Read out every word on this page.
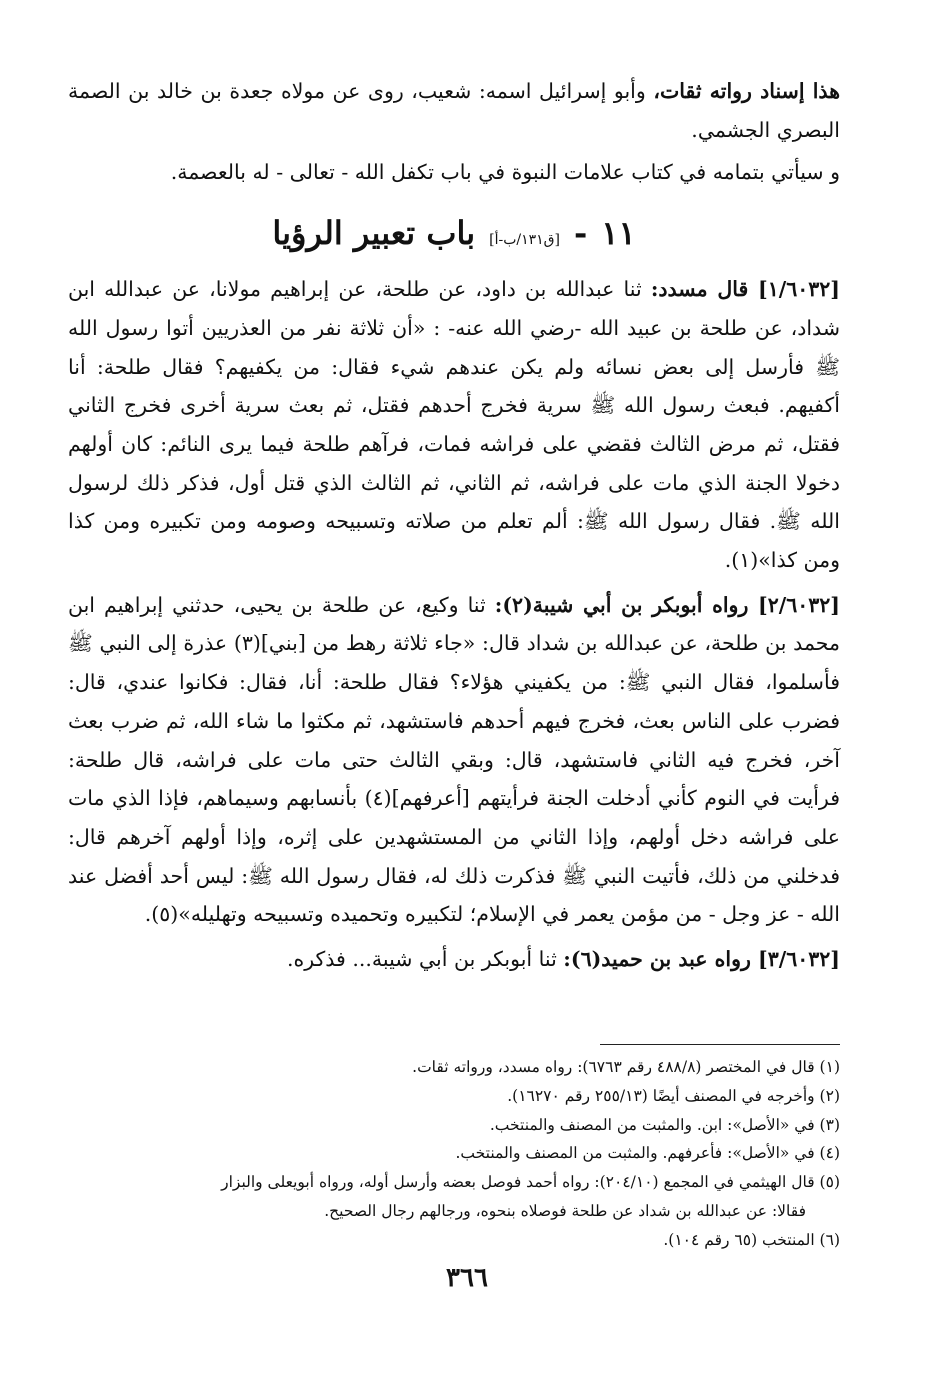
هذا إسناد رواته ثقات، وأبو إسرائيل اسمه: شعيب، روى عن مولاه جعدة بن خالد بن الصمة البصري الجشمي.

و سيأتي بتمامه في كتاب علامات النبوة في باب تكفل الله - تعالى - له بالعصمة.

١١-[ق١٣١/ب-أ]باب تعبير الرؤيا

[١/٦٠٣٢] قال مسدد: ثنا عبدالله بن داود، عن طلحة، عن إبراهيم مولانا، عن عبدالله ابن شداد، عن طلحة بن عبيد الله -رضي الله عنه- : «أن ثلاثة نفر من العذريين أتوا رسول الله ﷺ فأرسل إلى بعض نسائه ولم يكن عندهم شيء فقال: من يكفيهم؟ فقال طلحة: أنا أكفيهم. فبعث رسول الله ﷺ سرية فخرج أحدهم فقتل، ثم بعث سرية أخرى فخرج الثاني فقتل، ثم مرض الثالث فقضي على فراشه فمات، فرآهم طلحة فيما يرى النائم: كان أولهم دخولا الجنة الذي مات على فراشه، ثم الثاني، ثم الثالث الذي قتل أول، فذكر ذلك لرسول الله ﷺ. فقال رسول الله ﷺ: ألم تعلم من صلاته وتسبيحه وصومه ومن تكبيره ومن كذا ومن كذا»(١).

[٢/٦٠٣٢] رواه أبوبكر بن أبي شيبة(٢): ثنا وكيع، عن طلحة بن يحيى، حدثني إبراهيم ابن محمد بن طلحة، عن عبدالله بن شداد قال: «جاء ثلاثة رهط من [بني](٣) عذرة إلى النبي ﷺ فأسلموا، فقال النبي ﷺ: من يكفيني هؤلاء؟ فقال طلحة: أنا، فقال: فكانوا عندي، قال: فضرب على الناس بعث، فخرج فيهم أحدهم فاستشهد، ثم مكثوا ما شاء الله، ثم ضرب بعث آخر، فخرج فيه الثاني فاستشهد، قال: وبقي الثالث حتى مات على فراشه، قال طلحة: فرأيت في النوم كأني أدخلت الجنة فرأيتهم [أعرفهم](٤) بأنسابهم وسيماهم، فإذا الذي مات على فراشه دخل أولهم، وإذا الثاني من المستشهدين على إثره، وإذا أولهم آخرهم قال: فدخلني من ذلك، فأتيت النبي ﷺ فذكرت ذلك له، فقال رسول الله ﷺ: ليس أحد أفضل عند الله - عز وجل - من مؤمن يعمر في الإسلام؛ لتكبيره وتحميده وتسبيحه وتهليله»(٥).

[٣/٦٠٣٢] رواه عبد بن حميد(٦): ثنا أبوبكر بن أبي شيبة... فذكره.

(١) قال في المختصر (٤٨٨/٨ رقم ٦٧٦٣): رواه مسدد، ورواته ثقات.
(٢) وأخرجه في المصنف أيضًا (٢٥٥/١٣ رقم ١٦٢٧٠).
(٣) في «الأصل»: ابن. والمثبت من المصنف والمنتخب.
(٤) في «الأصل»: فأعرفهم. والمثبت من المصنف والمنتخب.
(٥) قال الهيثمي في المجمع (٢٠٤/١٠): رواه أحمد فوصل بعضه وأرسل أوله، ورواه أبويعلى والبزار
فقالا: عن عبدالله بن شداد عن طلحة فوصلاه بنحوه، ورجالهم رجال الصحيح.
(٦) المنتخب (٦٥ رقم ١٠٤).
٣٦٦
